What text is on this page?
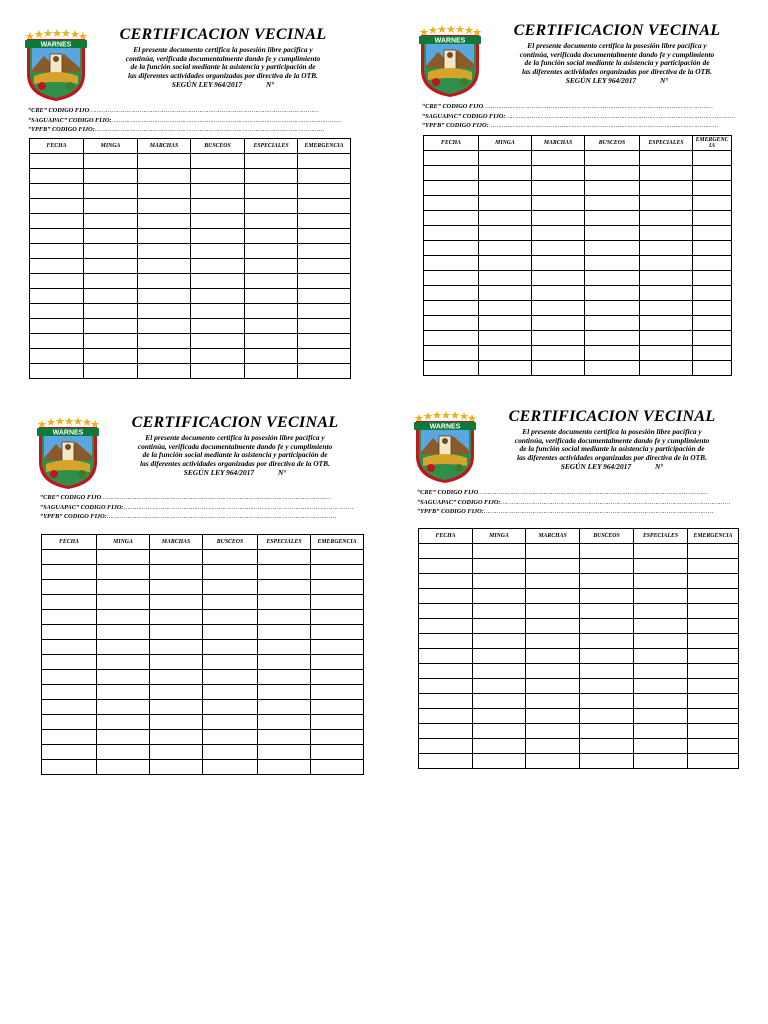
WARNES
CERTIFICACION VECINAL
El presente documento certifica la posesión libre pacífica y
continúa, verificada documentalmente dando fe y cumplimiento
de la función social mediante la asistencia y participación de
las diferentes actividades organizadas por directiva de la OTB.
SEGÚN LEY 964/2017	N°
“CRE” CODIGO FIJO……………………………………………………………………………………………………………
“SAGUAPAC” CODIGO FIJO:……………………………………………………………………………………………………………
“YPFB” CODIGO FIJO:……………………………………………………………………………………………………………
FECHA	MINGA	MARCHAS	BUSCEOS	ESPECIALES	EMERGENCIA

WARNES
CERTIFICACION VECINAL
El presente documento certifica la posesión libre pacífica y
continúa, verificada documentalmente dando fe y cumplimiento
de la función social mediante la asistencia y participación de
las diferentes actividades organizadas por directiva de la OTB.
SEGÚN LEY 964/2017	N°
“CRE” CODIGO FIJO……………………………………………………………………………………………………………
“SAGUAPAC” CODIGO FIJO:……………………………………………………………………………………………………………
“YPFB” CODIGO FIJO:……………………………………………………………………………………………………………
FECHA	MINGA	MARCHAS	BUSCEOS	ESPECIALES	EMERGENC IA

WARNES
CERTIFICACION VECINAL
El presente documento certifica la posesión libre pacífica y
continúa, verificada documentalmente dando fe y cumplimiento
de la función social mediante la asistencia y participación de
las diferentes actividades organizadas por directiva de la OTB.
SEGÚN LEY 964/2017	N°
“CRE” CODIGO FIJO……………………………………………………………………………………………………………
“SAGUAPAC” CODIGO FIJO:……………………………………………………………………………………………………………
“YPFB” CODIGO FIJO:……………………………………………………………………………………………………………
FECHA	MINGA	MARCHAS	BUSCEOS	ESPECIALES	EMERGENCIA

WARNES
CERTIFICACION VECINAL
El presente documento certifica la posesión libre pacífica y
continúa, verificada documentalmente dando fe y cumplimiento
de la función social mediante la asistencia y participación de
las diferentes actividades organizadas por directiva de la OTB.
SEGÚN LEY 964/2017	N°
“CRE” CODIGO FIJO……………………………………………………………………………………………………………
“SAGUAPAC” CODIGO FIJO:……………………………………………………………………………………………………………
“YPFB” CODIGO FIJO:……………………………………………………………………………………………………………
FECHA	MINGA	MARCHAS	BUSCEOS	ESPECIALES	EMERGENCIA
